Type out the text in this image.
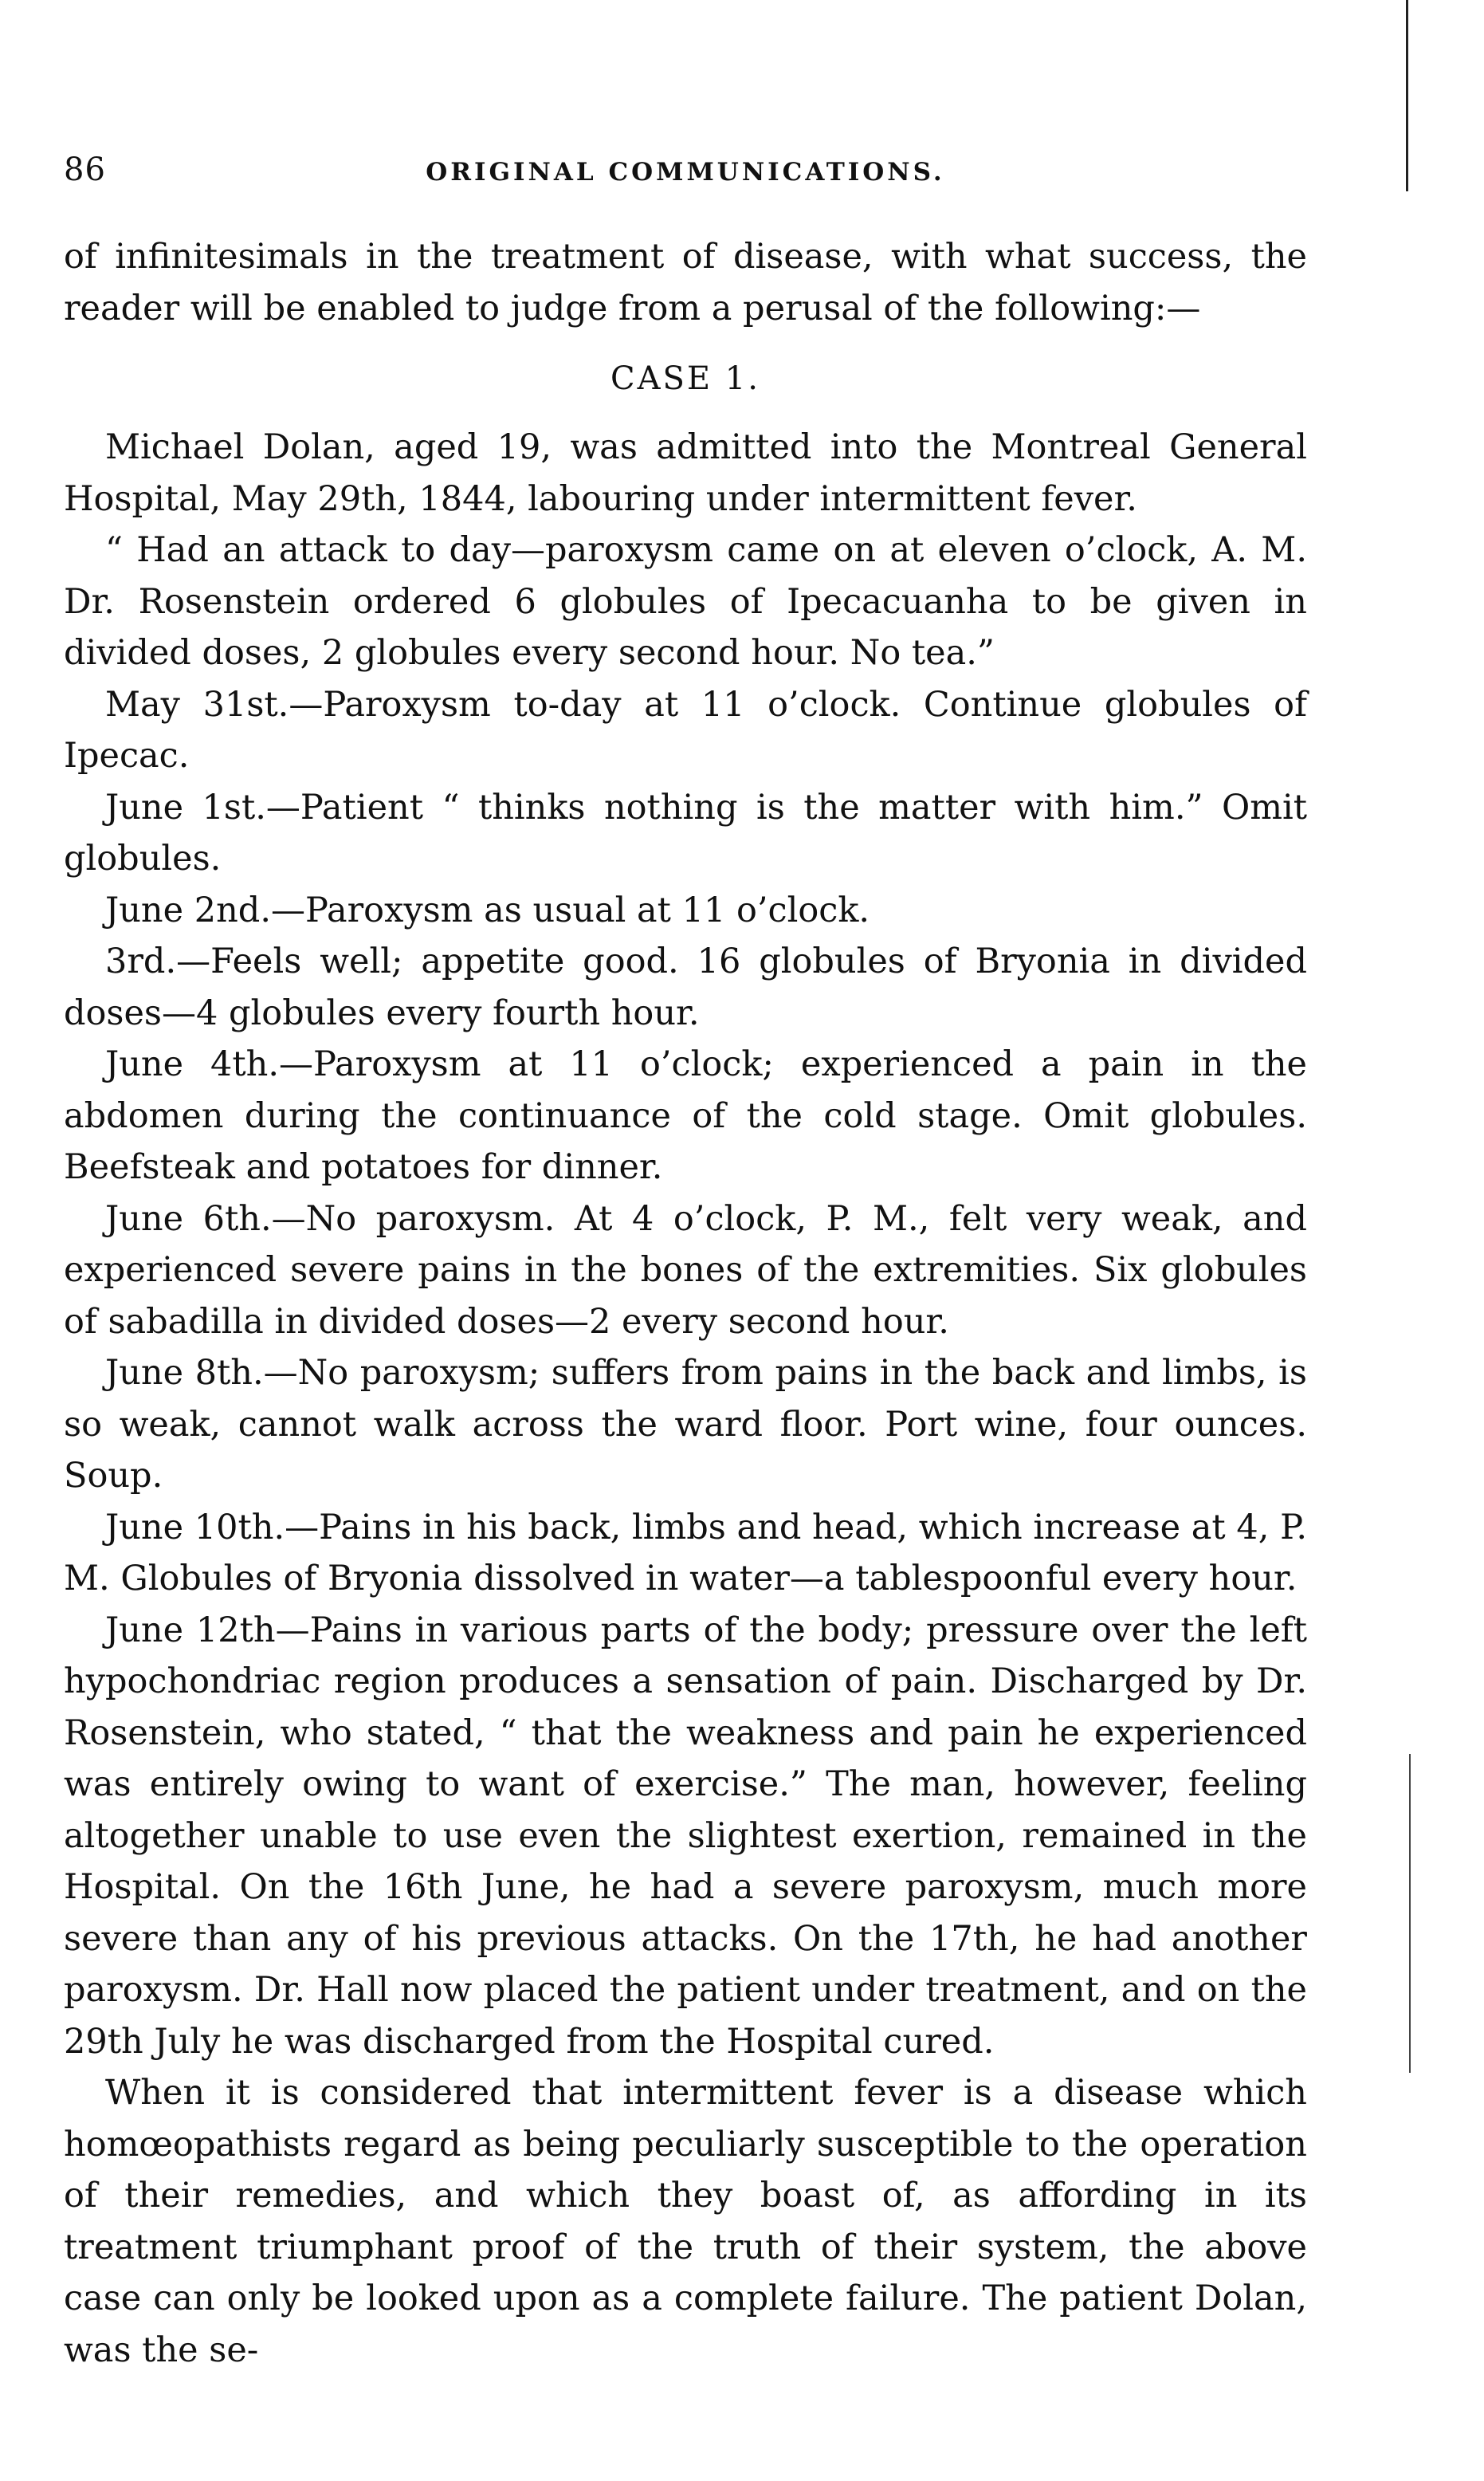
86	ORIGINAL COMMUNICATIONS.

of infinitesimals in the treatment of disease, with what success, the reader will be enabled to judge from a perusal of the following:—

CASE 1.

Michael Dolan, aged 19, was admitted into the Montreal General Hospital, May 29th, 1844, labouring under intermittent fever.

“ Had an attack to day—paroxysm came on at eleven o’clock, A. M. Dr. Rosenstein ordered 6 globules of Ipecacuanha to be given in divided doses, 2 globules every second hour. No tea.”

May 31st.—Paroxysm to-day at 11 o’clock. Continue globules of Ipecac.

June 1st.—Patient “ thinks nothing is the matter with him.” Omit globules.

June 2nd.—Paroxysm as usual at 11 o’clock.

3rd.—Feels well; appetite good. 16 globules of Bryonia in divided doses—4 globules every fourth hour.

June 4th.—Paroxysm at 11 o’clock; experienced a pain in the abdomen during the continuance of the cold stage. Omit globules. Beefsteak and potatoes for dinner.

June 6th.—No paroxysm. At 4 o’clock, P. M., felt very weak, and experienced severe pains in the bones of the extremities. Six globules of sabadilla in divided doses—2 every second hour.

June 8th.—No paroxysm; suffers from pains in the back and limbs, is so weak, cannot walk across the ward floor. Port wine, four ounces. Soup.

June 10th.—Pains in his back, limbs and head, which increase at 4, P. M. Globules of Bryonia dissolved in water—a tablespoonful every hour.

June 12th—Pains in various parts of the body; pressure over the left hypochondriac region produces a sensation of pain. Discharged by Dr. Rosenstein, who stated, “ that the weakness and pain he experienced was entirely owing to want of exercise.” The man, however, feeling altogether unable to use even the slightest exertion, remained in the Hospital. On the 16th June, he had a severe paroxysm, much more severe than any of his previous attacks. On the 17th, he had another paroxysm. Dr. Hall now placed the patient under treatment, and on the 29th July he was discharged from the Hospital cured.

When it is considered that intermittent fever is a disease which homœopathists regard as being peculiarly susceptible to the operation of their remedies, and which they boast of, as affording in its treatment triumphant proof of the truth of their system, the above case can only be looked upon as a complete failure. The patient Dolan, was the se-
